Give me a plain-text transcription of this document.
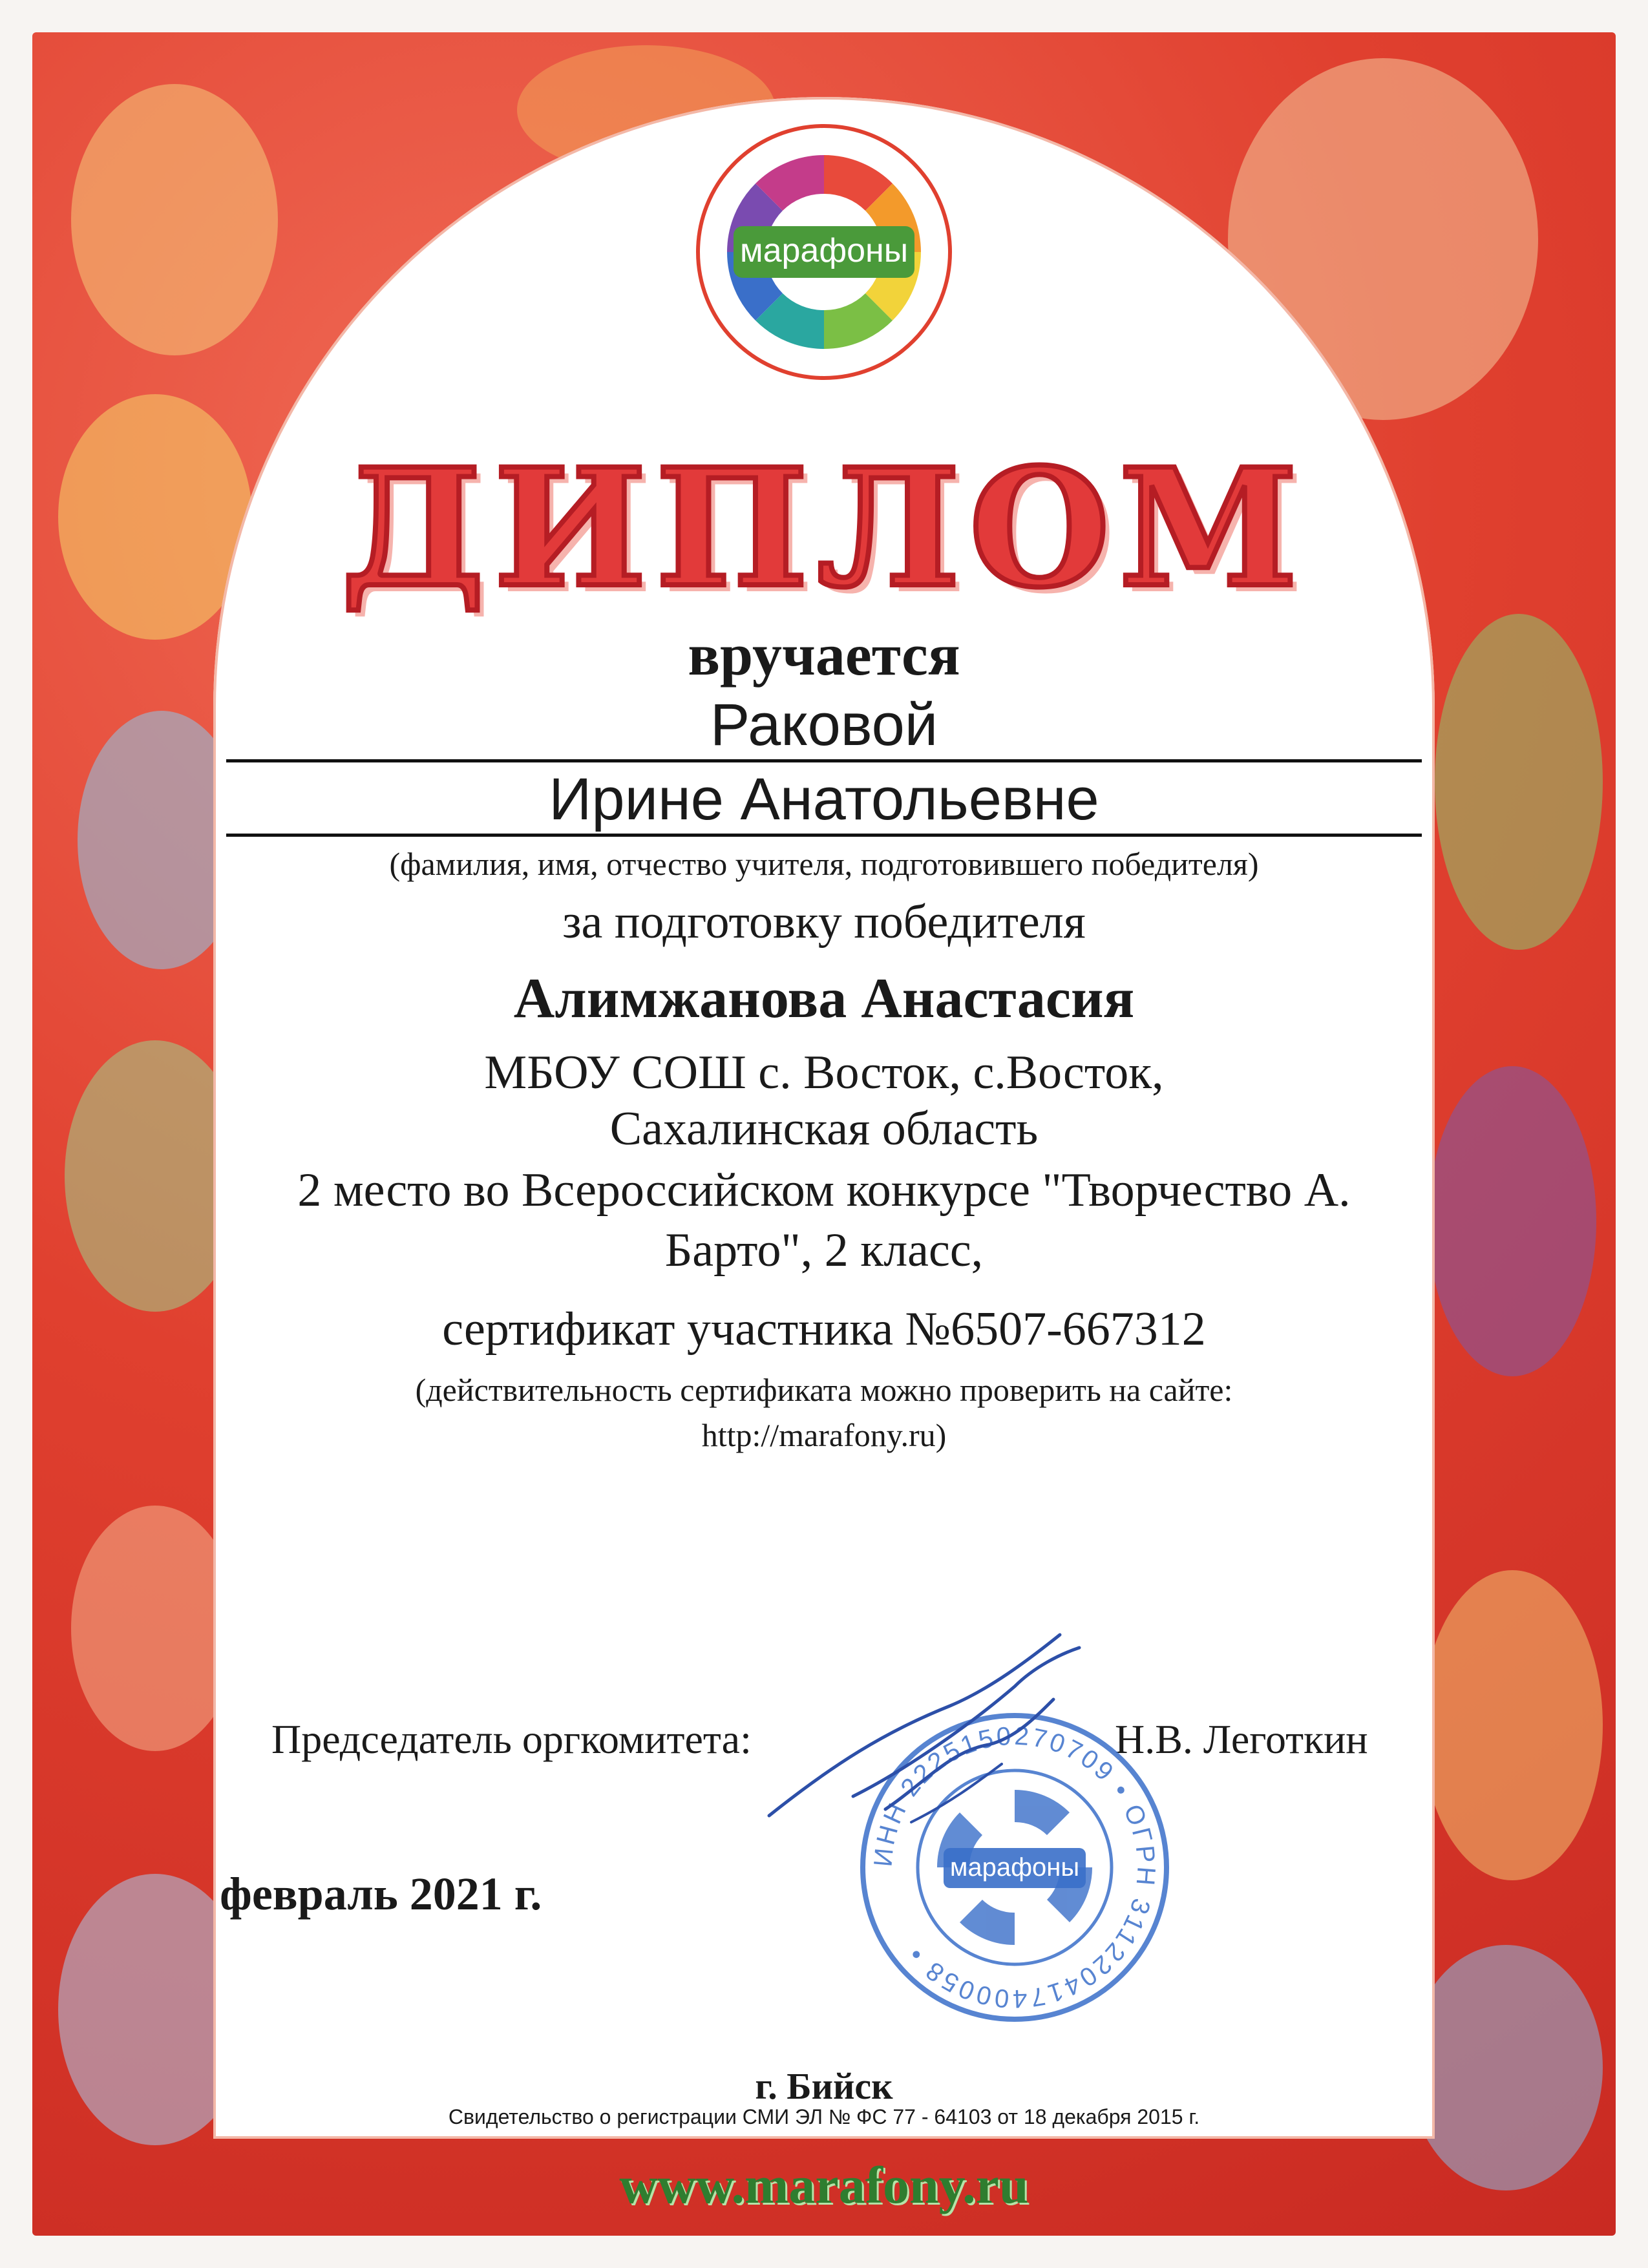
марафоны
ДИПЛОМ
вручается
Раковой
Ирине Анатольевне
(фамилия, имя, отчество учителя, подготовившего победителя)
за подготовку победителя
Алимжанова Анастасия
МБОУ СОШ с. Восток, с.Восток,
Сахалинская область
2 место во Всероссийском конкурсе "Творчество А.
Барто", 2 класс,
сертификат участника №6507-667312
(действительность сертификата можно проверить на сайте:
http://marafony.ru)
Председатель оргкомитета:	Н.В. Леготкин
ИНН 2225150270709 • ОГРН 311220417400058 •
марафоны
февраль 2021 г.
г. Бийск
Свидетельство о регистрации СМИ ЭЛ № ФС 77 - 64103 от 18 декабря 2015 г.
www.marafony.ru
